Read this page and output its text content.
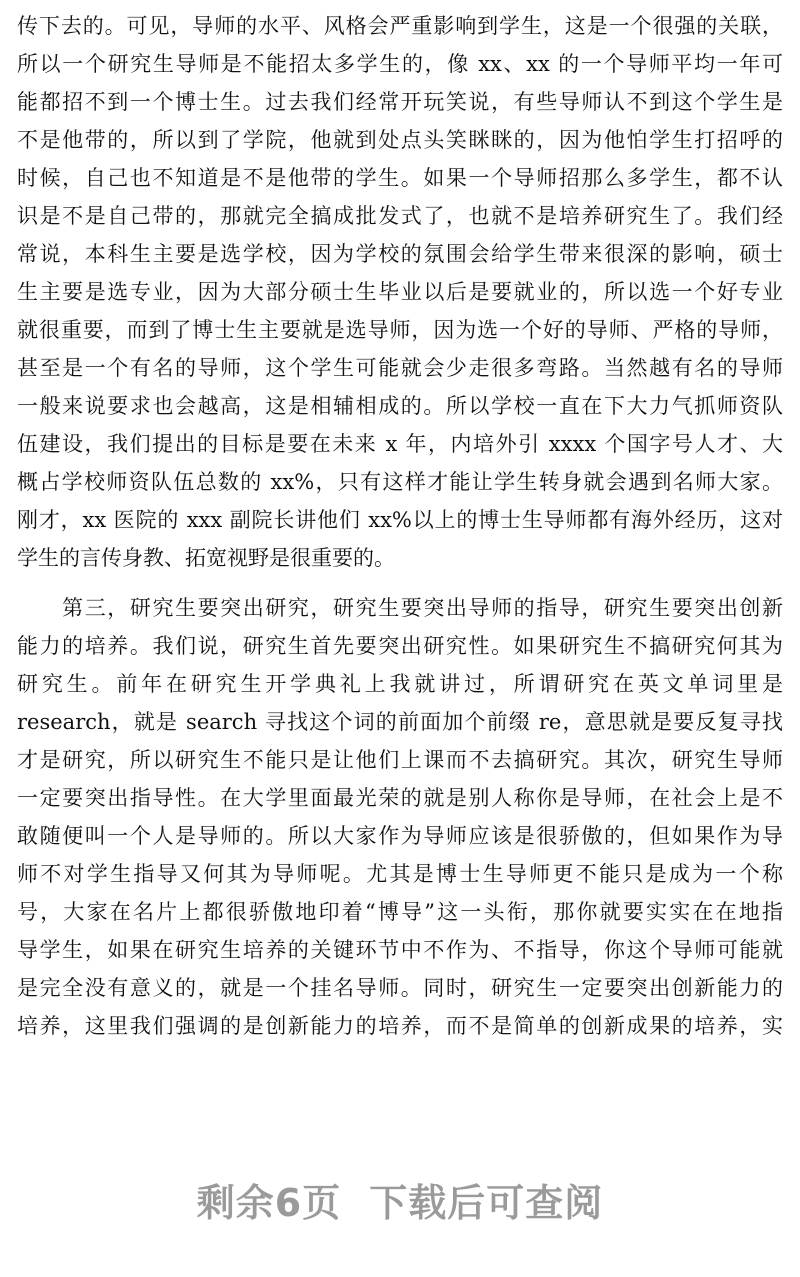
传下去的。可见，导师的水平、风格会严重影响到学生，这是一个很强的关联，
所以一个研究生导师是不能招太多学生的，像 xx、xx 的一个导师平均一年可
能都招不到一个博士生。过去我们经常开玩笑说，有些导师认不到这个学生是
不是他带的，所以到了学院，他就到处点头笑眯眯的，因为他怕学生打招呼的
时候，自己也不知道是不是他带的学生。如果一个导师招那么多学生，都不认
识是不是自己带的，那就完全搞成批发式了，也就不是培养研究生了。我们经
常说，本科生主要是选学校，因为学校的氛围会给学生带来很深的影响，硕士
生主要是选专业，因为大部分硕士生毕业以后是要就业的，所以选一个好专业
就很重要，而到了博士生主要就是选导师，因为选一个好的导师、严格的导师，
甚至是一个有名的导师，这个学生可能就会少走很多弯路。当然越有名的导师
一般来说要求也会越高，这是相辅相成的。所以学校一直在下大力气抓师资队
伍建设，我们提出的目标是要在未来 x 年，内培外引 xxxx 个国字号人才、大
概占学校师资队伍总数的 xx%，只有这样才能让学生转身就会遇到名师大家。
刚才，xx 医院的 xxx 副院长讲他们 xx%以上的博士生导师都有海外经历，这对
学生的言传身教、拓宽视野是很重要的。
　　第三，研究生要突出研究，研究生要突出导师的指导，研究生要突出创新
能力的培养。我们说，研究生首先要突出研究性。如果研究生不搞研究何其为
研究生。前年在研究生开学典礼上我就讲过，所谓研究在英文单词里是
research，就是 search 寻找这个词的前面加个前缀 re，意思就是要反复寻找
才是研究，所以研究生不能只是让他们上课而不去搞研究。其次，研究生导师
一定要突出指导性。在大学里面最光荣的就是别人称你是导师，在社会上是不
敢随便叫一个人是导师的。所以大家作为导师应该是很骄傲的，但如果作为导
师不对学生指导又何其为导师呢。尤其是博士生导师更不能只是成为一个称
号，大家在名片上都很骄傲地印着“博导”这一头衔，那你就要实实在在地指
导学生，如果在研究生培养的关键环节中不作为、不指导，你这个导师可能就
是完全没有意义的，就是一个挂名导师。同时，研究生一定要突出创新能力的
培养，这里我们强调的是创新能力的培养，而不是简单的创新成果的培养，实
剩余6页 下载后可查阅
